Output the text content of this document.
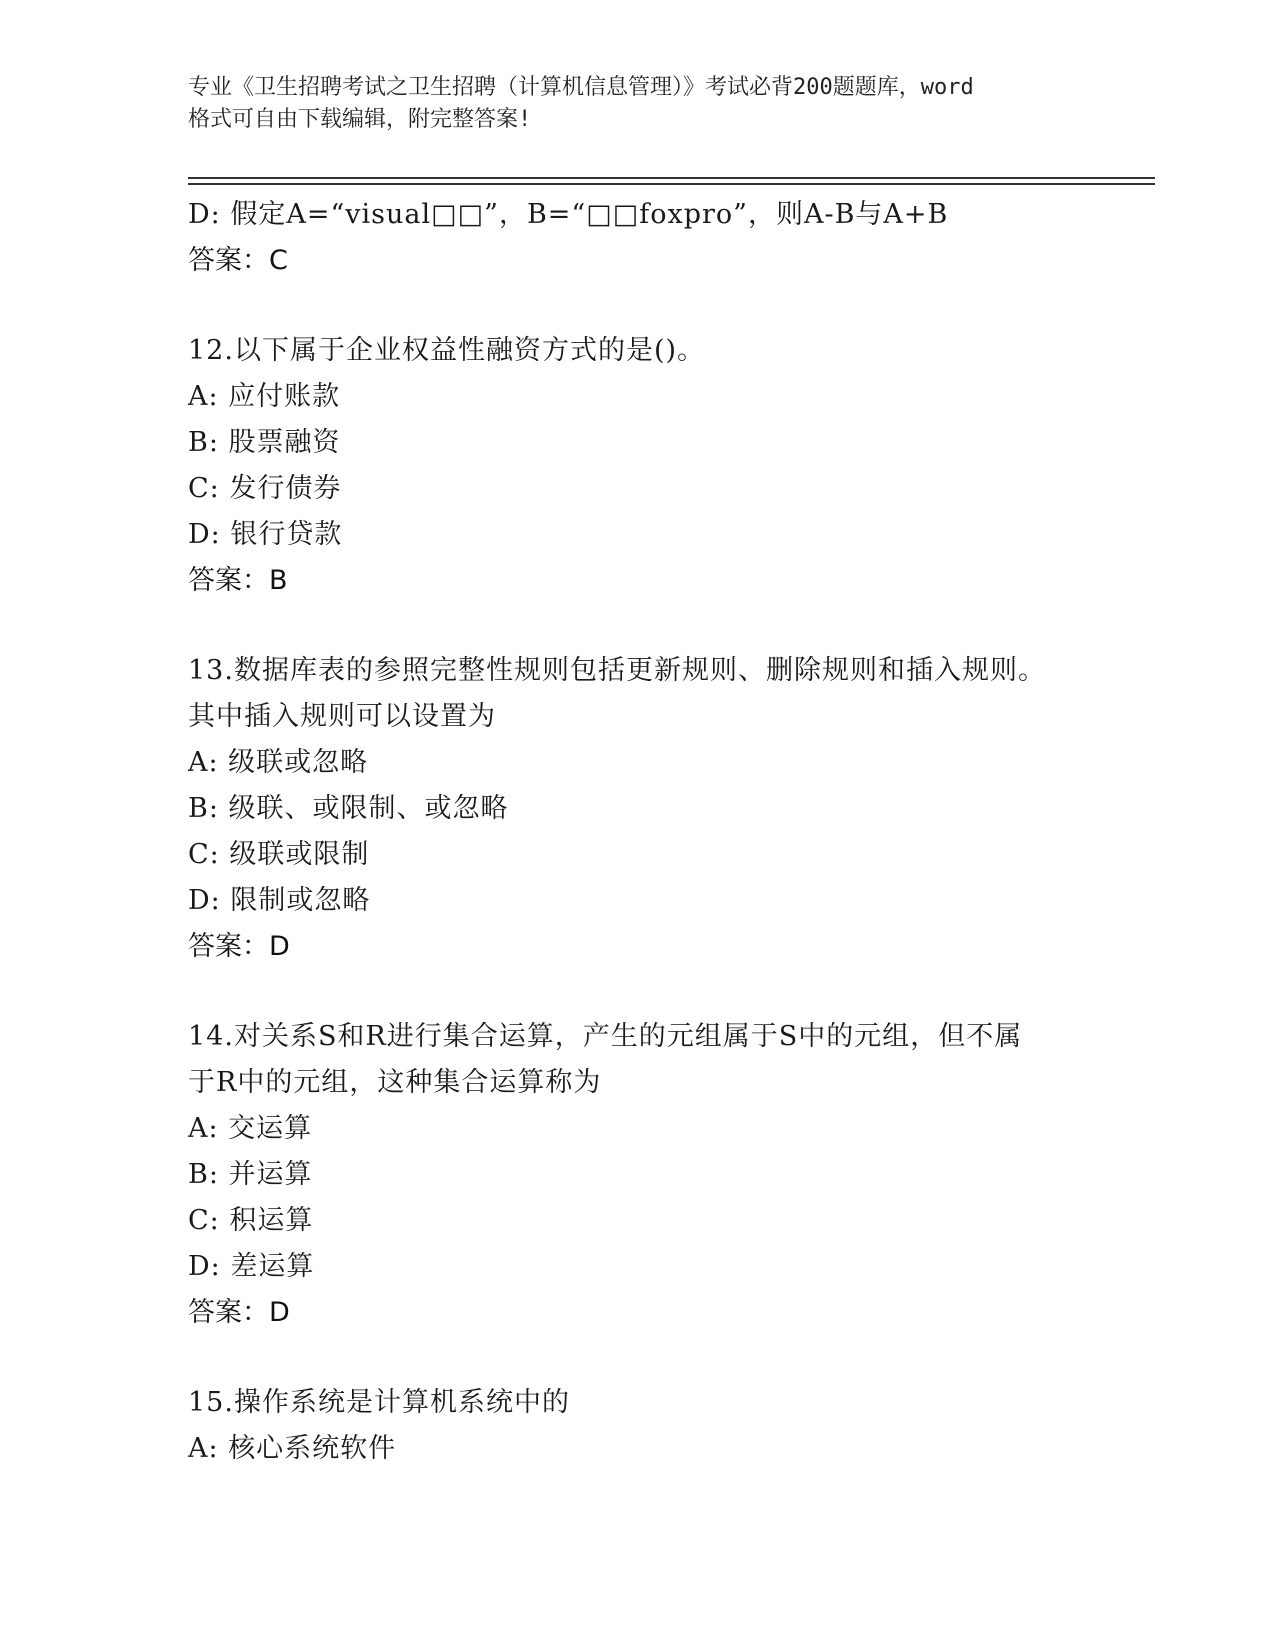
专业《卫生招聘考试之卫生招聘（计算机信息管理）》考试必背200题题库，word
格式可自由下载编辑，附完整答案!
D: 假定A=“visual□□”，B=“□□foxpro”，则A-B与A+B
答案：C
12.以下属于企业权益性融资方式的是()。
A: 应付账款
B: 股票融资
C: 发行债券
D: 银行贷款
答案：B
13.数据库表的参照完整性规则包括更新规则、删除规则和插入规则。
其中插入规则可以设置为
A: 级联或忽略
B: 级联、或限制、或忽略
C: 级联或限制
D: 限制或忽略
答案：D
14.对关系S和R进行集合运算，产生的元组属于S中的元组，但不属
于R中的元组，这种集合运算称为
A: 交运算
B: 并运算
C: 积运算
D: 差运算
答案：D
15.操作系统是计算机系统中的
A: 核心系统软件
